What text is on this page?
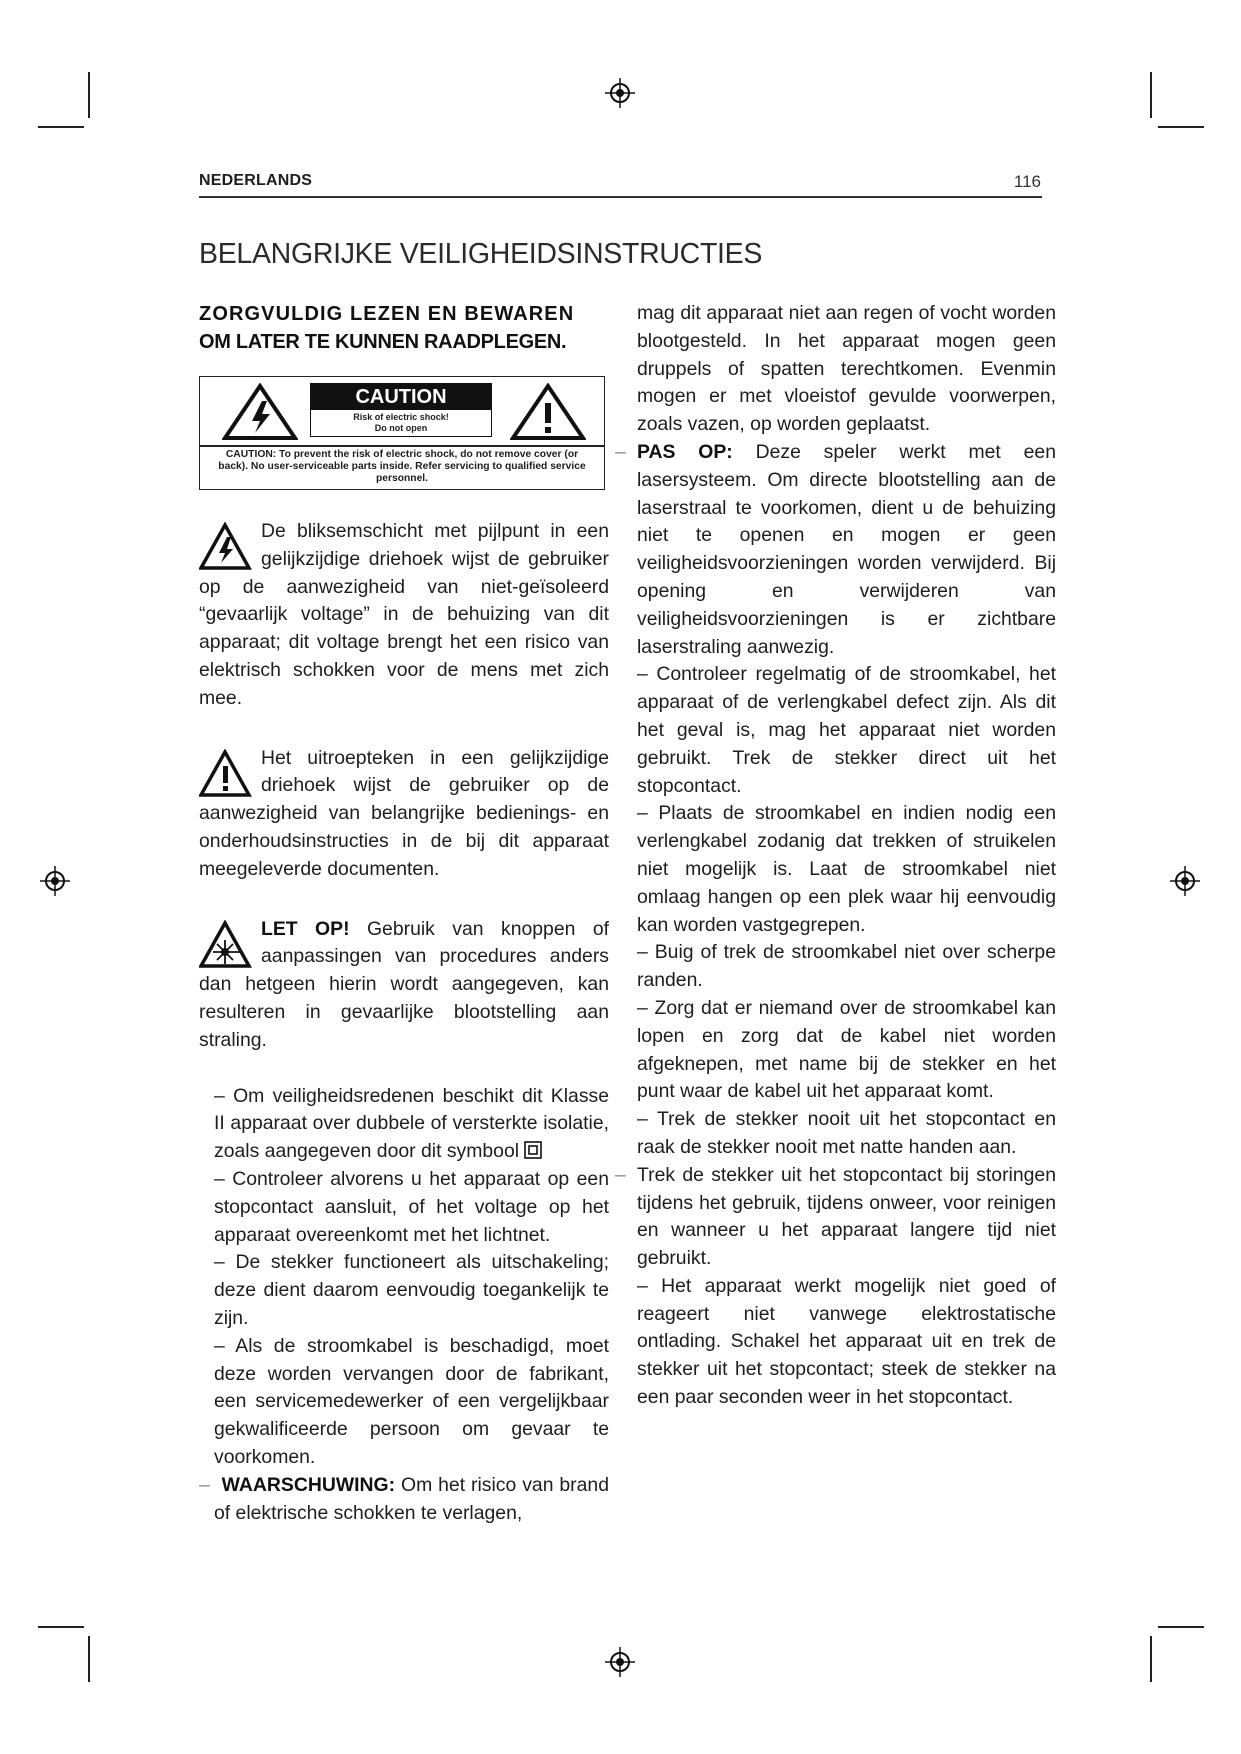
NEDERLANDS	116
BELANGRIJKE VEILIGHEIDSINSTRUCTIES

ZORGVULDIG LEZEN EN BEWAREN

OM LATER TE KUNNEN RAADPLEGEN.

CAUTION
Risk of electric shock!
Do not open
CAUTION: To prevent the risk of electric shock, do not remove cover (or back). No user-serviceable parts inside. Refer servicing to qualified service personnel.

De bliksemschicht met pijlpunt in een gelijkzijdige driehoek wijst de gebruiker op de aanwezigheid van niet-geïsoleerd “gevaarlijk voltage” in de behuizing van dit apparaat; dit voltage brengt het een risico van elektrisch schokken voor de mens met zich mee.

Het uitroepteken in een gelijkzijdige driehoek wijst de gebruiker op de aanwezigheid van belangrijke bedienings- en onderhoudsinstructies in de bij dit apparaat meegeleverde documenten.

LET OP! Gebruik van knoppen of aanpassingen van procedures anders dan hetgeen hierin wordt aangegeven, kan resulteren in gevaarlijke blootstelling aan straling.

– Om veiligheidsredenen beschikt dit Klasse II apparaat over dubbele of versterkte isolatie, zoals aangegeven door dit symbool

– Controleer alvorens u het apparaat op een stopcontact aansluit, of het voltage op het apparaat overeenkomt met het lichtnet.

– De stekker functioneert als uitschakeling; deze dient daarom eenvoudig toegankelijk te zijn.

– Als de stroomkabel is beschadigd, moet deze worden vervangen door de fabrikant, een servicemedewerker of een vergelijkbaar gekwalificeerde persoon om gevaar te voorkomen.

–  WAARSCHUWING: Om het risico van brand of elektrische schokken te verlagen,

mag dit apparaat niet aan regen of vocht worden blootgesteld. In het apparaat mogen geen druppels of spatten terechtkomen. Evenmin mogen er met vloeistof gevulde voorwerpen, zoals vazen, op worden geplaatst.

– PAS OP: Deze speler werkt met een lasersysteem. Om directe blootstelling aan de laserstraal te voorkomen, dient u de behuizing niet te openen en mogen er geen veiligheidsvoorzieningen worden verwijderd. Bij opening en verwijderen van veiligheidsvoorzieningen is er zichtbare laserstraling aanwezig.

– Controleer regelmatig of de stroomkabel, het apparaat of de verlengkabel defect zijn. Als dit het geval is, mag het apparaat niet worden gebruikt. Trek de stekker direct uit het stopcontact.

– Plaats de stroomkabel en indien nodig een verlengkabel zodanig dat trekken of struikelen niet mogelijk is. Laat de stroomkabel niet omlaag hangen op een plek waar hij eenvoudig kan worden vastgegrepen.

– Buig of trek de stroomkabel niet over scherpe randen.

– Zorg dat er niemand over de stroomkabel kan lopen en zorg dat de kabel niet worden afgeknepen, met name bij de stekker en het punt waar de kabel uit het apparaat komt.

– Trek de stekker nooit uit het stopcontact en raak de stekker nooit met natte handen aan.

– Trek de stekker uit het stopcontact bij storingen tijdens het gebruik, tijdens onweer, voor reinigen en wanneer u het apparaat langere tijd niet gebruikt.

– Het apparaat werkt mogelijk niet goed of reageert niet vanwege elektrostatische ontlading. Schakel het apparaat uit en trek de stekker uit het stopcontact; steek de stekker na een paar seconden weer in het stopcontact.
